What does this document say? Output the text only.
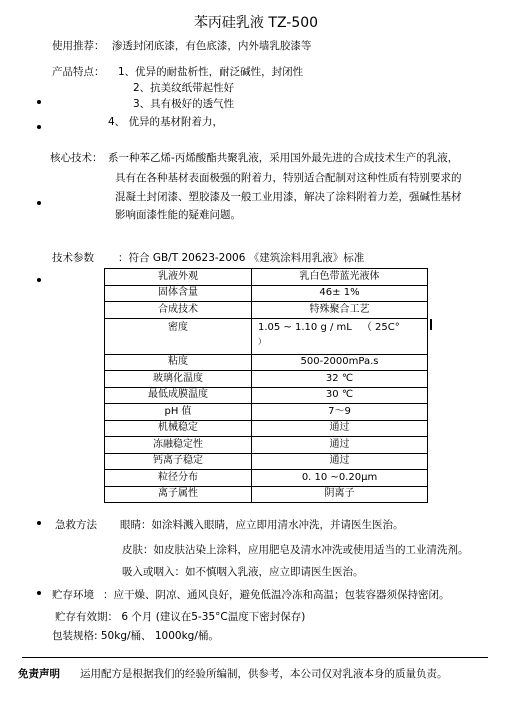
苯丙硅乳液 TZ-500
使用推荐： 渗透封闭底漆，有色底漆，内外墙乳胶漆等
产品特点： 1、优异的耐盐析性，耐泛碱性，封闭性
2、抗美纹纸带起性好
3、具有极好的透气性
4、 优异的基材附着力，
核心技术： 系一种苯乙烯-丙烯酸酯共聚乳液，采用国外最先进的合成技术生产的乳液，
具有在各种基材表面极强的附着力，特别适合配制对这种性质有特别要求的
混凝土封闭漆、塑胶漆及一般工业用漆，解决了涂料附着力差，强碱性基材
影响面漆性能的疑难问题。
技术参数 ：符合 GB/T 20623-2006 《建筑涂料用乳液》标准
乳液外观	乳白色带蓝光液体
固体含量	46± 1%
合成技术	特殊聚合工艺
密度	1.05 ~ 1.10 g / mL （ 25C°
）
粘度	500-2000mPa.s
玻璃化温度	32 ℃
最低成膜温度	30 ℃
pH 值	7～9
机械稳定	通过
冻融稳定性	通过
钙离子稳定	通过
粒径分布	0. 10 ~0.20μm
离子属性	阴离子
急救方法 眼睛：如涂料溅入眼睛，应立即用清水冲洗，并请医生医治。
皮肤：如皮肤沾染上涂料，应用肥皂及清水冲洗或使用适当的工业清洗剂。
吸入或咽入：如不慎咽入乳液，应立即请医生医治。
贮存环境 ：应干燥、阴凉、通风良好，避免低温冷冻和高温；包装容器须保持密闭。
贮存有效期： 6 个月 (建议在5-35°C温度下密封保存)
包装规格: 50kg/桶、 1000kg/桶。
免责声明 运用配方是根据我们的经验所编制，供参考，本公司仅对乳液本身的质量负责。
